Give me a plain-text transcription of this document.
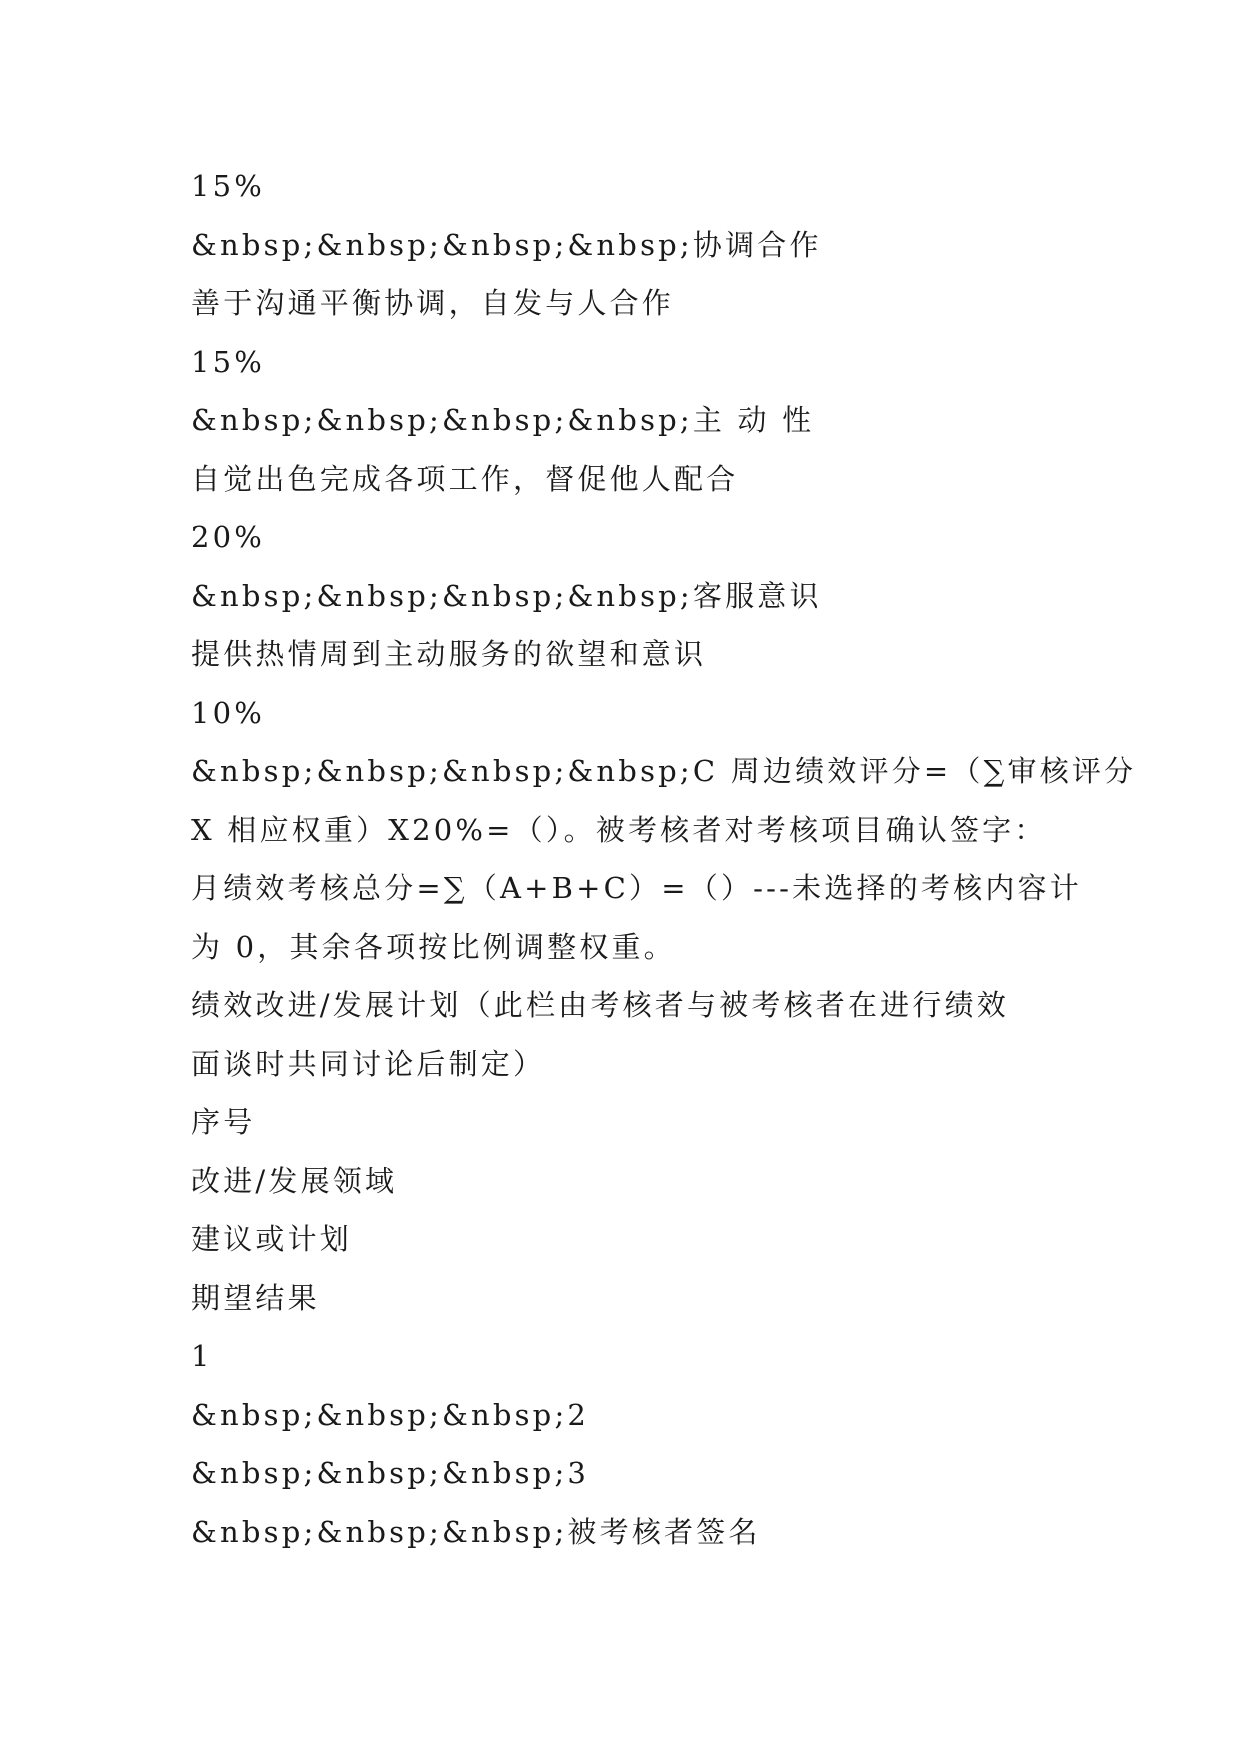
15%
&nbsp;&nbsp;&nbsp;&nbsp;协调合作
善于沟通平衡协调，自发与人合作
15%
&nbsp;&nbsp;&nbsp;&nbsp;主 动 性
自觉出色完成各项工作，督促他人配合
20%
&nbsp;&nbsp;&nbsp;&nbsp;客服意识
提供热情周到主动服务的欲望和意识
10%
&nbsp;&nbsp;&nbsp;&nbsp;C 周边绩效评分=（∑审核评分
X 相应权重）X20%=（）。被考核者对考核项目确认签字：
月绩效考核总分=∑（A+B+C）=（）---未选择的考核内容计
为 0，其余各项按比例调整权重。
绩效改进/发展计划（此栏由考核者与被考核者在进行绩效
面谈时共同讨论后制定）
序号
改进/发展领域
建议或计划
期望结果
1
&nbsp;&nbsp;&nbsp;2
&nbsp;&nbsp;&nbsp;3
&nbsp;&nbsp;&nbsp;被考核者签名
